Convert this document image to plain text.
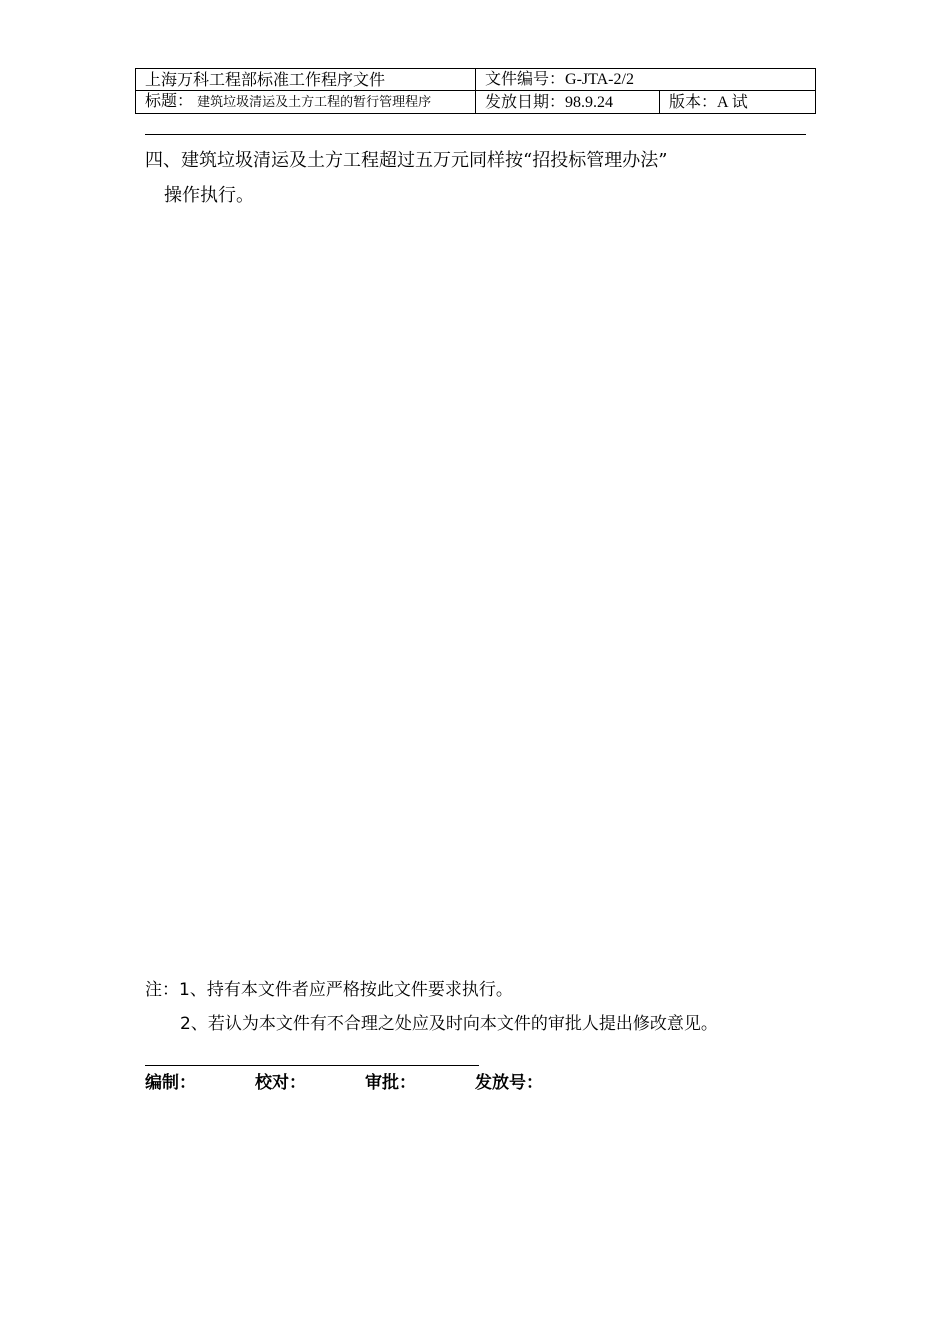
上海万科工程部标准工作程序文件	文件编号：G-JTA-2/2	
标题： 建筑垃圾清运及土方工程的暂行管理程序	发放日期：98.9.24	版本：A 试
四、建筑垃圾清运及土方工程超过五万元同样按“招投标管理办法”
操作执行。
注：1、持有本文件者应严格按此文件要求执行。
2、若认为本文件有不合理之处应及时向本文件的审批人提出修改意见。
编制：	校对：	审批：	发放号：
